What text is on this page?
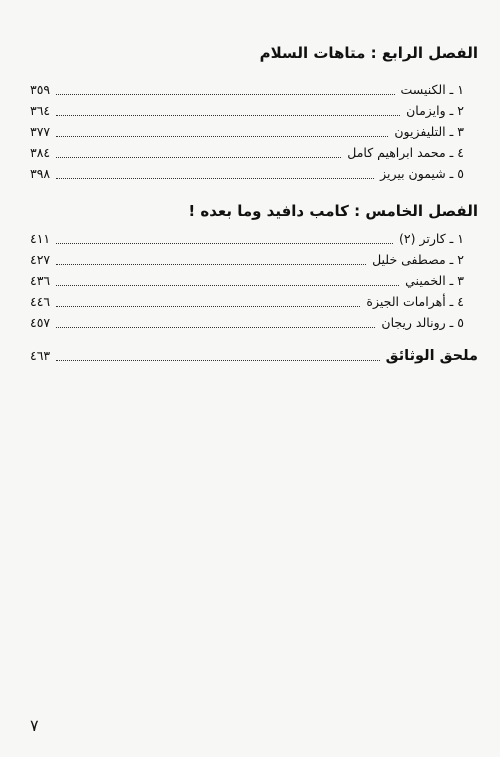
الفصل الرابع : متاهات السلام
١ ـ الكنيست
٣٥٩
٢ ـ وايزمان
٣٦٤
٣ ـ التليفزيون
٣٧٧
٤ ـ محمد ابراهيم كامل
٣٨٤
٥ ـ شيمون بيريز
٣٩٨
الفصل الخامس : كامب دافيد وما بعده !
١ ـ كارتر (٢)
٤١١
٢ ـ مصطفى خليل
٤٢٧
٣ ـ الخميني
٤٣٦
٤ ـ أهرامات الجيزة
٤٤٦
٥ ـ رونالد ريجان
٤٥٧
ملحق الوثائق
٤٦٣
٧
